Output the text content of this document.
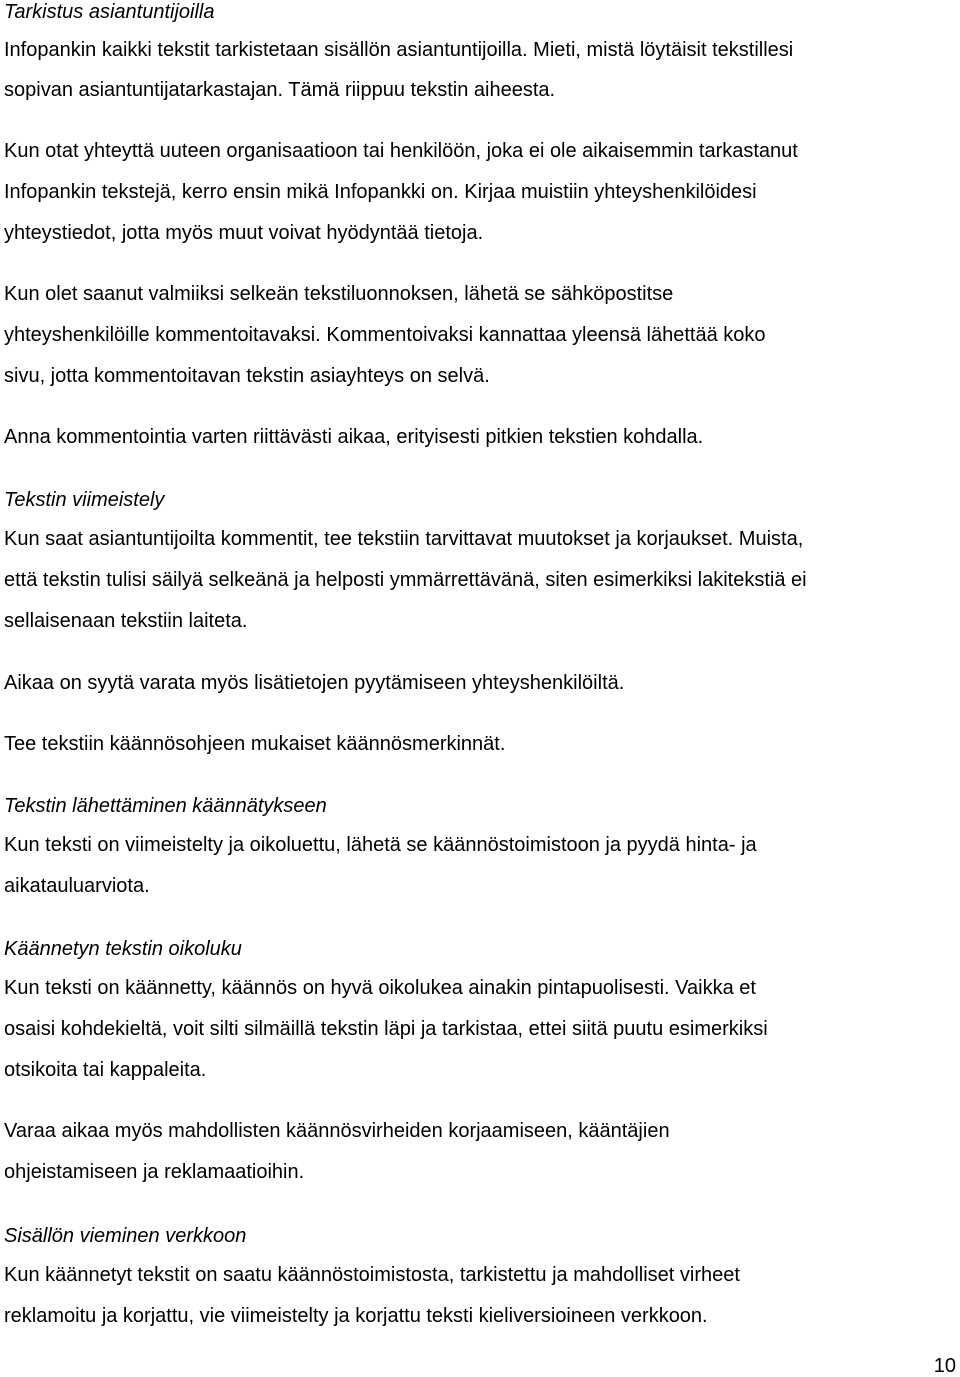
Tarkistus asiantuntijoilla
Infopankin kaikki tekstit tarkistetaan sisällön asiantuntijoilla. Mieti, mistä löytäisit tekstillesi
sopivan asiantuntijatarkastajan. Tämä riippuu tekstin aiheesta.
Kun otat yhteyttä uuteen organisaatioon tai henkilöön, joka ei ole aikaisemmin tarkastanut
Infopankin tekstejä, kerro ensin mikä Infopankki on. Kirjaa muistiin yhteyshenkilöidesi
yhteystiedot, jotta myös muut voivat hyödyntää tietoja.
Kun olet saanut valmiiksi selkeän tekstiluonnoksen, lähetä se sähköpostitse
yhteyshenkilöille kommentoitavaksi. Kommentoivaksi kannattaa yleensä lähettää koko
sivu, jotta kommentoitavan tekstin asiayhteys on selvä.
Anna kommentointia varten riittävästi aikaa, erityisesti pitkien tekstien kohdalla.
Tekstin viimeistely
Kun saat asiantuntijoilta kommentit, tee tekstiin tarvittavat muutokset ja korjaukset. Muista,
että tekstin tulisi säilyä selkeänä ja helposti ymmärrettävänä, siten esimerkiksi lakitekstiä ei
sellaisenaan tekstiin laiteta.
Aikaa on syytä varata myös lisätietojen pyytämiseen yhteyshenkilöiltä.
Tee tekstiin käännösohjeen mukaiset käännösmerkinnät.
Tekstin lähettäminen käännätykseen
Kun teksti on viimeistelty ja oikoluettu, lähetä se käännöstoimistoon ja pyydä hinta- ja
aikatauluarviota.
Käännetyn tekstin oikoluku
Kun teksti on käännetty, käännös on hyvä oikolukea ainakin pintapuolisesti. Vaikka et
osaisi kohdekieltä, voit silti silmäillä tekstin läpi ja tarkistaa, ettei siitä puutu esimerkiksi
otsikoita tai kappaleita.
Varaa aikaa myös mahdollisten käännösvirheiden korjaamiseen, kääntäjien
ohjeistamiseen ja reklamaatioihin.
Sisällön vieminen verkkoon
Kun käännetyt tekstit on saatu käännöstoimistosta, tarkistettu ja mahdolliset virheet
reklamoitu ja korjattu, vie viimeistelty ja korjattu teksti kieliversioineen verkkoon.
10
